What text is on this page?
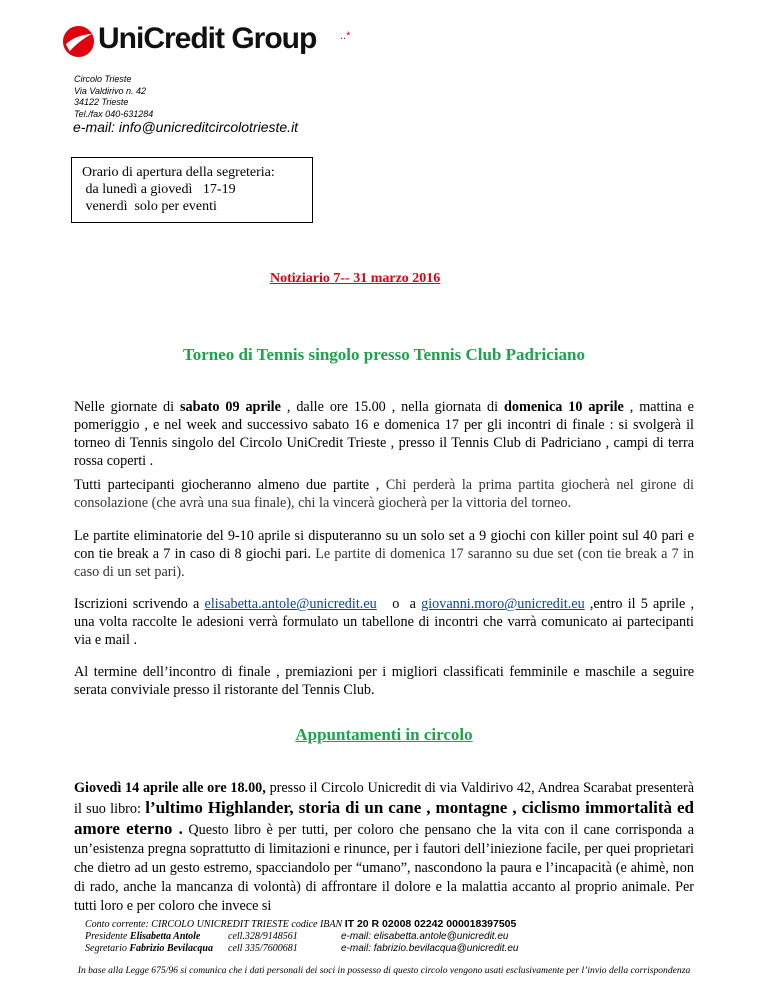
UniCredit Group ..*
Circolo Trieste
Via Valdirivo n. 42
34122 Trieste
Tel./fax 040-631284
e-mail: info@unicreditcircolotrieste.it
Orario di apertura della segreteria:
da lunedì a giovedì   17-19
venerdì  solo per eventi
Notiziario 7-- 31 marzo 2016
Torneo di Tennis singolo presso Tennis Club Padriciano
Nelle giornate di sabato 09 aprile , dalle ore 15.00 , nella giornata di domenica 10 aprile , mattina e pomeriggio , e nel week and successivo sabato 16 e domenica 17 per gli incontri di finale : si svolgerà il torneo di Tennis singolo del Circolo UniCredit Trieste , presso il Tennis Club di Padriciano , campi di terra rossa coperti .
Tutti partecipanti giocheranno almeno due partite , Chi perderà la prima partita giocherà nel girone di consolazione (che avrà una sua finale), chi la vincerà giocherà per la vittoria del torneo.
Le partite eliminatorie del 9-10 aprile si disputeranno su un solo set a 9 giochi con killer point sul 40 pari e con tie break a 7 in caso di 8 giochi pari. Le partite di domenica 17 saranno su due set (con tie break a 7 in caso di un set pari).
Iscrizioni scrivendo a elisabetta.antole@unicredit.eu   o  a giovanni.moro@unicredit.eu ,entro il 5 aprile , una volta raccolte le adesioni verrà formulato un tabellone di incontri che varrà comunicato ai partecipanti via e mail .
Al termine dell’incontro di finale , premiazioni per i migliori classificati femminile e maschile a seguire serata conviviale presso il ristorante del Tennis Club.
Appuntamenti in circolo
Giovedì 14 aprile alle ore 18.00, presso il Circolo Unicredit di via Valdirivo 42, Andrea Scarabat presenterà il suo libro: l’ultimo Highlander, storia di un cane , montagne , ciclismo immortalità ed amore eterno . Questo libro è per tutti, per coloro che pensano che la vita con il cane corrisponda a un’esistenza pregna soprattutto di limitazioni e rinunce, per i fautori dell’iniezione facile, per quei proprietari che dietro ad un gesto estremo, spacciandolo per “umano”, nascondono la paura e l’incapacità (e ahimè, non di rado, anche la mancanza di volontà) di affrontare il dolore e la malattia accanto al proprio animale. Per tutti loro e per coloro che invece si
Conto corrente: CIRCOLO UNICREDIT TRIESTE codice IBAN IT 20 R 02008 02242 000018397505
Presidente Elisabetta Antole	cell.328/9148561	e-mail: elisabetta.antole@unicredit.eu
Segretario Fabrizio Bevilacqua cell 335/7600681	e-mail: fabrizio.bevilacqua@unicredit.eu
In base alla Legge 675/96 si comunica che i dati personali dei soci in possesso di questo circolo vengono usati esclusivamente per l’invio della corrispondenza
